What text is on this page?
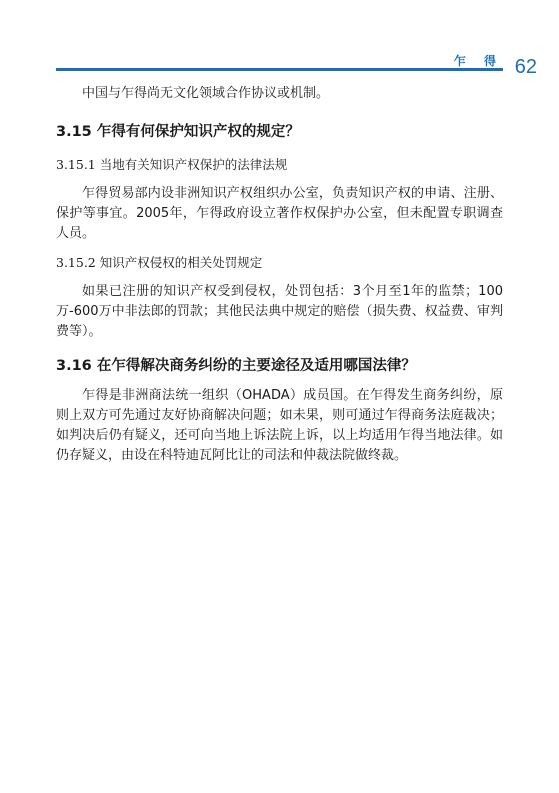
乍 得 62

中国与乍得尚无文化领域合作协议或机制。

3.15 乍得有何保护知识产权的规定？
3.15.1 当地有关知识产权保护的法律法规

乍得贸易部内设非洲知识产权组织办公室，负责知识产权的申请、注册、保护等事宜。2005年，乍得政府设立著作权保护办公室，但未配置专职调查人员。

3.15.2 知识产权侵权的相关处罚规定

如果已注册的知识产权受到侵权，处罚包括：3个月至1年的监禁；100万-600万中非法郎的罚款；其他民法典中规定的赔偿（损失费、权益费、审判费等）。

3.16 在乍得解决商务纠纷的主要途径及适用哪国法律？

乍得是非洲商法统一组织（OHADA）成员国。在乍得发生商务纠纷，原则上双方可先通过友好协商解决问题；如未果，则可通过乍得商务法庭裁决；如判决后仍有疑义，还可向当地上诉法院上诉，以上均适用乍得当地法律。如仍存疑义，由设在科特迪瓦阿比让的司法和仲裁法院做终裁。
